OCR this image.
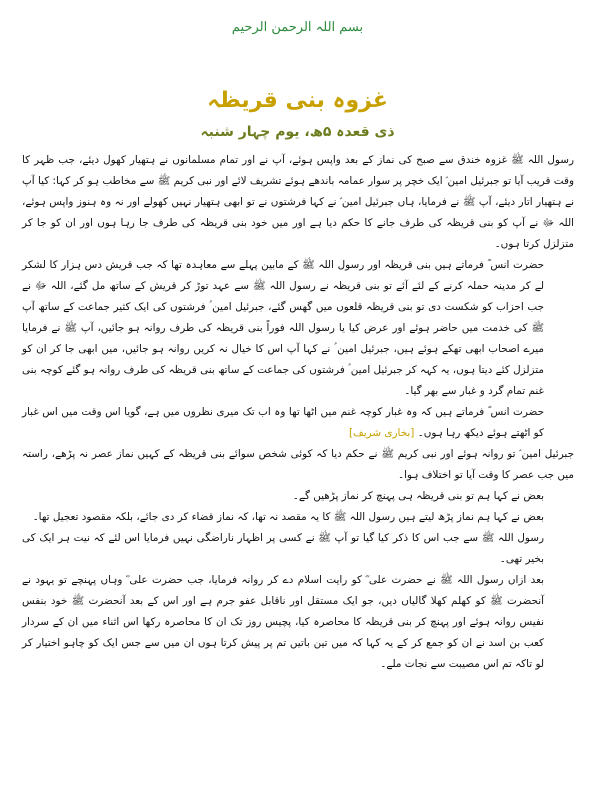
بسم اللہ الرحمن الرحیم
غزوہ بنی قریظہ
ذی قعدہ ۵ھ، یوم چہار شنبہ

رسول اللہ ﷺ غزوہ خندق سے صبح کی نماز کے بعد واپس ہوئے، آپ نے اور تمام مسلمانوں نے ہتھیار کھول دیئے، جب ظہر کا وقت قریب آیا تو جبرئیل امین ؑ ایک خچر پر سوار عمامہ باندھے ہوئے تشریف لائے اور نبی کریم ﷺ سے مخاطب ہو کر کہا: کیا آپ نے ہتھیار اتار دیئے، آپ ﷺ نے فرمایا، ہاں جبرئیل امین ؑ نے کہا فرشتوں نے تو ابھی ہتھیار نہیں کھولے اور نہ وہ ہنوز واپس ہوئے، اللہ ﷻ نے آپ کو بنی قریظہ کی طرف جانے کا حکم دیا ہے اور میں خود بنی قریظہ کی طرف جا رہا ہوں اور ان کو جا کر متزلزل کرتا ہوں۔

حضرت انس ؓ فرماتے ہیں بنی قریظہ اور رسول اللہ ﷺ کے مابین پہلے سے معاہدہ تھا کہ جب قریش دس ہزار کا لشکر لے کر مدینہ حملہ کرنے کے لئے آئے تو بنی قریظہ نے رسول اللہ ﷺ سے عہد توڑ کر قریش کے ساتھ مل گئے، اللہ ﷻ نے جب احزاب کو شکست دی تو بنی قریظہ قلعوں میں گھس گئے، جبرئیل امین ؑ فرشتوں کی ایک کثیر جماعت کے ساتھ آپ ﷺ کی خدمت میں حاضر ہوئے اور عرض کیا یا رسول اللہ فوراً بنی قریظہ کی طرف روانہ ہو جائیں، آپ ﷺ نے فرمایا میرے اصحاب ابھی تھکے ہوئے ہیں، جبرئیل امین ؑ نے کہا آپ اس کا خیال نہ کریں روانہ ہو جائیں، میں ابھی جا کر ان کو متزلزل کئے دیتا ہوں، یہ کہہ کر جبرئیل امین ؑ فرشتوں کی جماعت کے ساتھ بنی قریظہ کی طرف روانہ ہو گئے کوچہ بنی غنم تمام گرد و غبار سے بھر گیا۔

حضرت انس ؓ فرماتے ہیں کہ وہ غبار کوچہ غنم میں اٹھا تھا وہ اب تک میری نظروں میں ہے، گویا اس وقت میں اس غبار کو اٹھتے ہوئے دیکھ رہا ہوں۔ [بخاری شریف]

جبرئیل امین ؑ تو روانہ ہوئے اور نبی کریم ﷺ نے حکم دیا کہ کوئی شخص سوائے بنی قریظہ کے کہیں نماز عصر نہ پڑھے، راستہ میں جب عصر کا وقت آیا تو اختلاف ہوا۔

بعض نے کہا ہم تو بنی قریظہ ہی پہنچ کر نماز پڑھیں گے۔

بعض نے کہا ہم نماز پڑھ لیتے ہیں رسول اللہ ﷺ کا یہ مقصد نہ تھا، کہ نماز قضاء کر دی جائے، بلکہ مقصود تعجیل تھا۔

رسول اللہ ﷺ سے جب اس کا ذکر کیا گیا تو آپ ﷺ نے کسی پر اظہار ناراضگی نہیں فرمایا اس لئے کہ نیت ہر ایک کی بخیر تھی۔

بعد ازاں رسول اللہ ﷺ نے حضرت علی ؓ کو رایت اسلام دے کر روانہ فرمایا، جب حضرت علی ؓ وہاں پہنچے تو یہود نے آنحضرت ﷺ کو کھلم کھلا گالیاں دیں، جو ایک مستقل اور ناقابل عفو جرم ہے اور اس کے بعد آنحضرت ﷺ خود بنفس نفیس روانہ ہوئے اور پہنچ کر بنی قریظہ کا محاصرہ کیا، پچیس روز تک ان کا محاصرہ رکھا اس اثناء میں ان کے سردار کعب بن اسد نے ان کو جمع کر کے یہ کہا کہ میں تین باتیں تم پر پیش کرتا ہوں ان میں سے جس ایک کو چاہو اختیار کر لو تاکہ تم اس مصیبت سے نجات ملے۔
